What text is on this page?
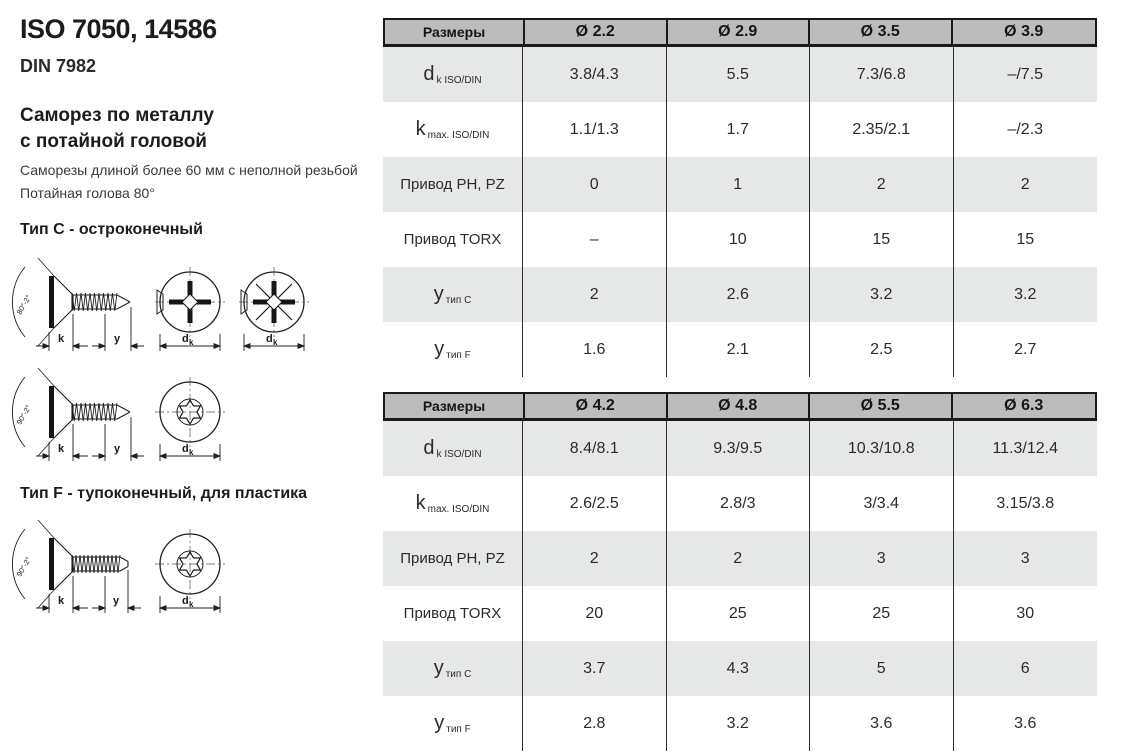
ISO 7050, 14586
DIN 7982
Саморез по металлу
с потайной головой
Саморезы длиной более 60 мм с неполной резьбой
Потайная голова 80°
Тип C - остроконечный
Тип F - тупоконечный, для пластика
80°-2°
k	y	d k	d k
90°-2°
k	y	d k
90°-2°
k	y	d k
Размеры	Ø 2.2	Ø 2.9	Ø 3.5	Ø 3.9
d k ISO/DIN	3.8/4.3	5.5	7.3/6.8	–/7.5
k max. ISO/DIN	1.1/1.3	1.7	2.35/2.1	–/2.3
Привод PH, PZ	0	1	2	2
Привод TORX	–	10	15	15
y тип C	2	2.6	3.2	3.2
y тип F	1.6	2.1	2.5	2.7
Размеры	Ø 4.2	Ø 4.8	Ø 5.5	Ø 6.3
d k ISO/DIN	8.4/8.1	9.3/9.5	10.3/10.8	11.3/12.4
k max. ISO/DIN	2.6/2.5	2.8/3	3/3.4	3.15/3.8
Привод PH, PZ	2	2	3	3
Привод TORX	20	25	25	30
y тип C	3.7	4.3	5	6
y тип F	2.8	3.2	3.6	3.6
